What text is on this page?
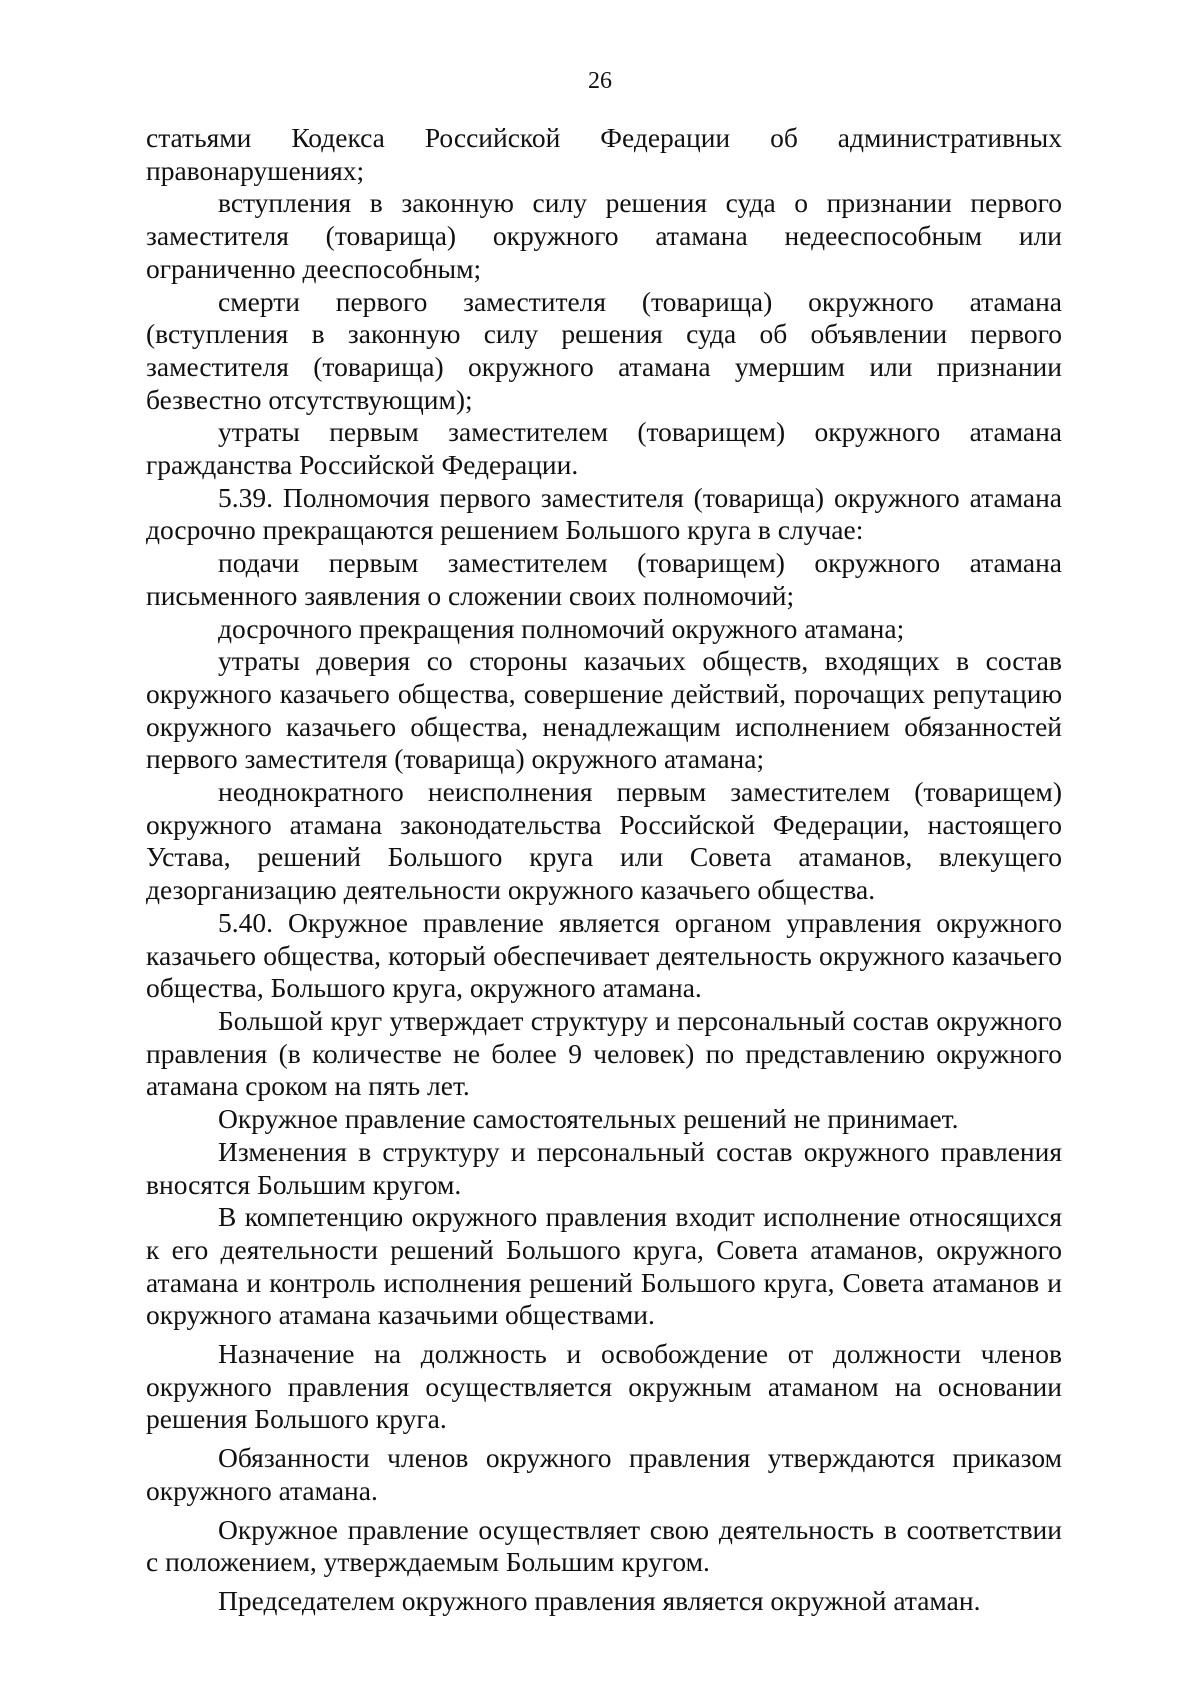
26

статьями Кодекса Российской Федерации об административных правонарушениях;

вступления в законную силу решения суда о признании первого заместителя (товарища) окружного атамана недееспособным или ограниченно дееспособным;

смерти первого заместителя (товарища) окружного атамана (вступления в законную силу решения суда об объявлении первого заместителя (товарища) окружного атамана умершим или признании безвестно отсутствующим);

утраты первым заместителем (товарищем) окружного атамана гражданства Российской Федерации.

5.39. Полномочия первого заместителя (товарища) окружного атамана досрочно прекращаются решением Большого круга в случае:

подачи первым заместителем (товарищем) окружного атамана письменного заявления о сложении своих полномочий;

досрочного прекращения полномочий окружного атамана;

утраты доверия со стороны казачьих обществ, входящих в состав окружного казачьего общества, совершение действий, порочащих репутацию окружного казачьего общества, ненадлежащим исполнением обязанностей первого заместителя (товарища) окружного атамана;

неоднократного неисполнения первым заместителем (товарищем) окружного атамана законодательства Российской Федерации, настоящего Устава, решений Большого круга или Совета атаманов, влекущего дезорганизацию деятельности окружного казачьего общества.

5.40. Окружное правление является органом управления окружного казачьего общества, который обеспечивает деятельность окружного казачьего общества, Большого круга, окружного атамана.

Большой круг утверждает структуру и персональный состав окружного правления (в количестве не более 9 человек) по представлению окружного атамана сроком на пять лет.

Окружное правление самостоятельных решений не принимает.

Изменения в структуру и персональный состав окружного правления вносятся Большим кругом.

В компетенцию окружного правления входит исполнение относящихся к его деятельности решений Большого круга, Совета атаманов, окружного атамана и контроль исполнения решений Большого круга, Совета атаманов и окружного атамана казачьими обществами.

Назначение на должность и освобождение от должности членов окружного правления осуществляется окружным атаманом на основании решения Большого круга.

Обязанности членов окружного правления утверждаются приказом окружного атамана.

Окружное правление осуществляет свою деятельность в соответствии с положением, утверждаемым Большим кругом.

Председателем окружного правления является окружной атаман.
